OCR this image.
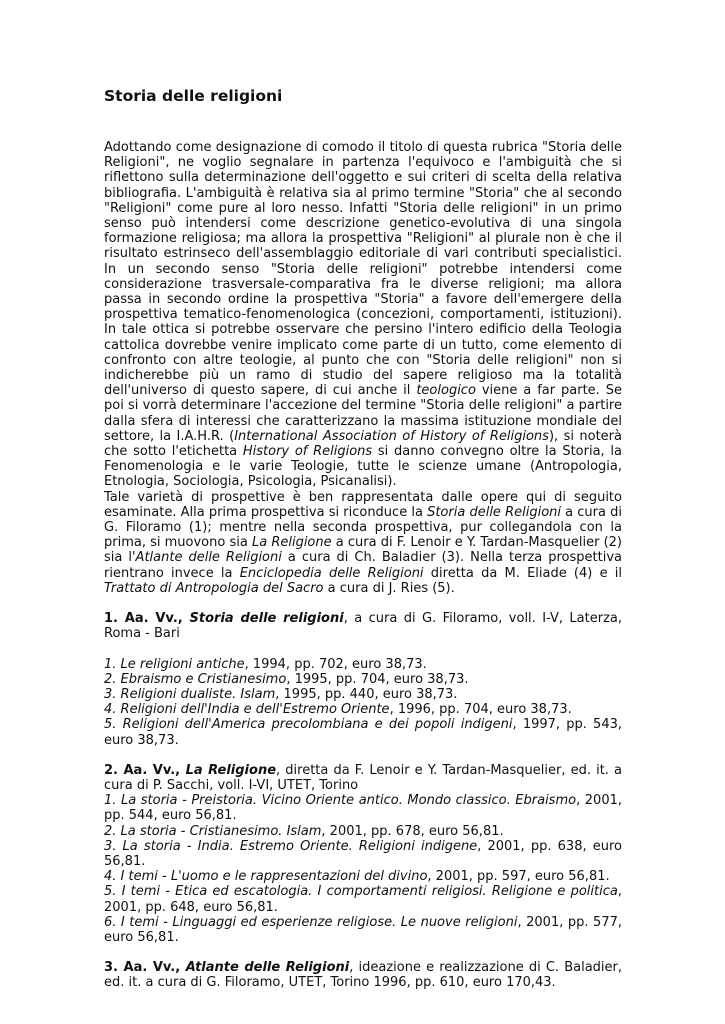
Storia delle religioni

Adottando come designazione di comodo il titolo di questa rubrica "Storia delle Religioni", ne voglio segnalare in partenza l'equivoco e l'ambiguità che si riflettono sulla determinazione dell'oggetto e sui criteri di scelta della relativa bibliografia. L'ambiguità è relativa sia al primo termine "Storia" che al secondo "Religioni" come pure al loro nesso. Infatti "Storia delle religioni" in un primo senso può intendersi come descrizione genetico-evolutiva di una singola formazione religiosa; ma allora la prospettiva "Religioni" al plurale non è che il risultato estrinseco dell'assemblaggio editoriale di vari contributi specialistici. In un secondo senso "Storia delle religioni" potrebbe intendersi come considerazione trasversale-comparativa fra le diverse religioni; ma allora passa in secondo ordine la prospettiva "Storia" a favore dell'emergere della prospettiva tematico-fenomenologica (concezioni, comportamenti, istituzioni). In tale ottica si potrebbe osservare che persino l'intero edificio della Teologia cattolica dovrebbe venire implicato come parte di un tutto, come elemento di confronto con altre teologie, al punto che con "Storia delle religioni" non si indicherebbe più un ramo di studio del sapere religioso ma la totalità dell'universo di questo sapere, di cui anche il teologico viene a far parte. Se poi si vorrà determinare l'accezione del termine "Storia delle religioni" a partire dalla sfera di interessi che caratterizzano la massima istituzione mondiale del settore, la I.A.H.R. (International Association of History of Religions), si noterà che sotto l'etichetta History of Religions si danno convegno oltre la Storia, la Fenomenologia e le varie Teologie, tutte le scienze umane (Antropologia, Etnologia, Sociologia, Psicologia, Psicanalisi).

Tale varietà di prospettive è ben rappresentata dalle opere qui di seguito esaminate. Alla prima prospettiva si riconduce la Storia delle Religioni a cura di G. Filoramo (1); mentre nella seconda prospettiva, pur collegandola con la prima, si muovono sia La Religione a cura di F. Lenoir e Y. Tardan-Masquelier (2) sia l'Atlante delle Religioni a cura di Ch. Baladier (3). Nella terza prospettiva rientrano invece la Enciclopedia delle Religioni diretta da M. Eliade (4) e il Trattato di Antropologia del Sacro a cura di J. Ries (5).

1. Aa. Vv., Storia delle religioni, a cura di G. Filoramo, voll. I-V, Laterza, Roma - Bari

1. Le religioni antiche, 1994, pp. 702, euro 38,73.
2. Ebraismo e Cristianesimo, 1995, pp. 704, euro 38,73.
3. Religioni dualiste. Islam, 1995, pp. 440, euro 38,73.
4. Religioni dell'India e dell'Estremo Oriente, 1996, pp. 704, euro 38,73.
5. Religioni dell'America precolombiana e dei popoli indigeni, 1997, pp. 543, euro 38,73.

2. Aa. Vv., La Religione, diretta da F. Lenoir e Y. Tardan-Masquelier, ed. it. a cura di P. Sacchi, voll. I-VI, UTET, Torino

1. La storia - Preistoria. Vicino Oriente antico. Mondo classico. Ebraismo, 2001, pp. 544, euro 56,81.
2. La storia - Cristianesimo. Islam, 2001, pp. 678, euro 56,81.
3. La storia - India. Estremo Oriente. Religioni indigene, 2001, pp. 638, euro 56,81.
4. I temi - L'uomo e le rappresentazioni del divino, 2001, pp. 597, euro 56,81.
5. I temi - Etica ed escatologia. I comportamenti religiosi. Religione e politica, 2001, pp. 648, euro 56,81.
6. I temi - Linguaggi ed esperienze religiose. Le nuove religioni, 2001, pp. 577, euro 56,81.

3. Aa. Vv., Atlante delle Religioni, ideazione e realizzazione di C. Baladier, ed. it. a cura di G. Filoramo, UTET, Torino 1996, pp. 610, euro 170,43.
